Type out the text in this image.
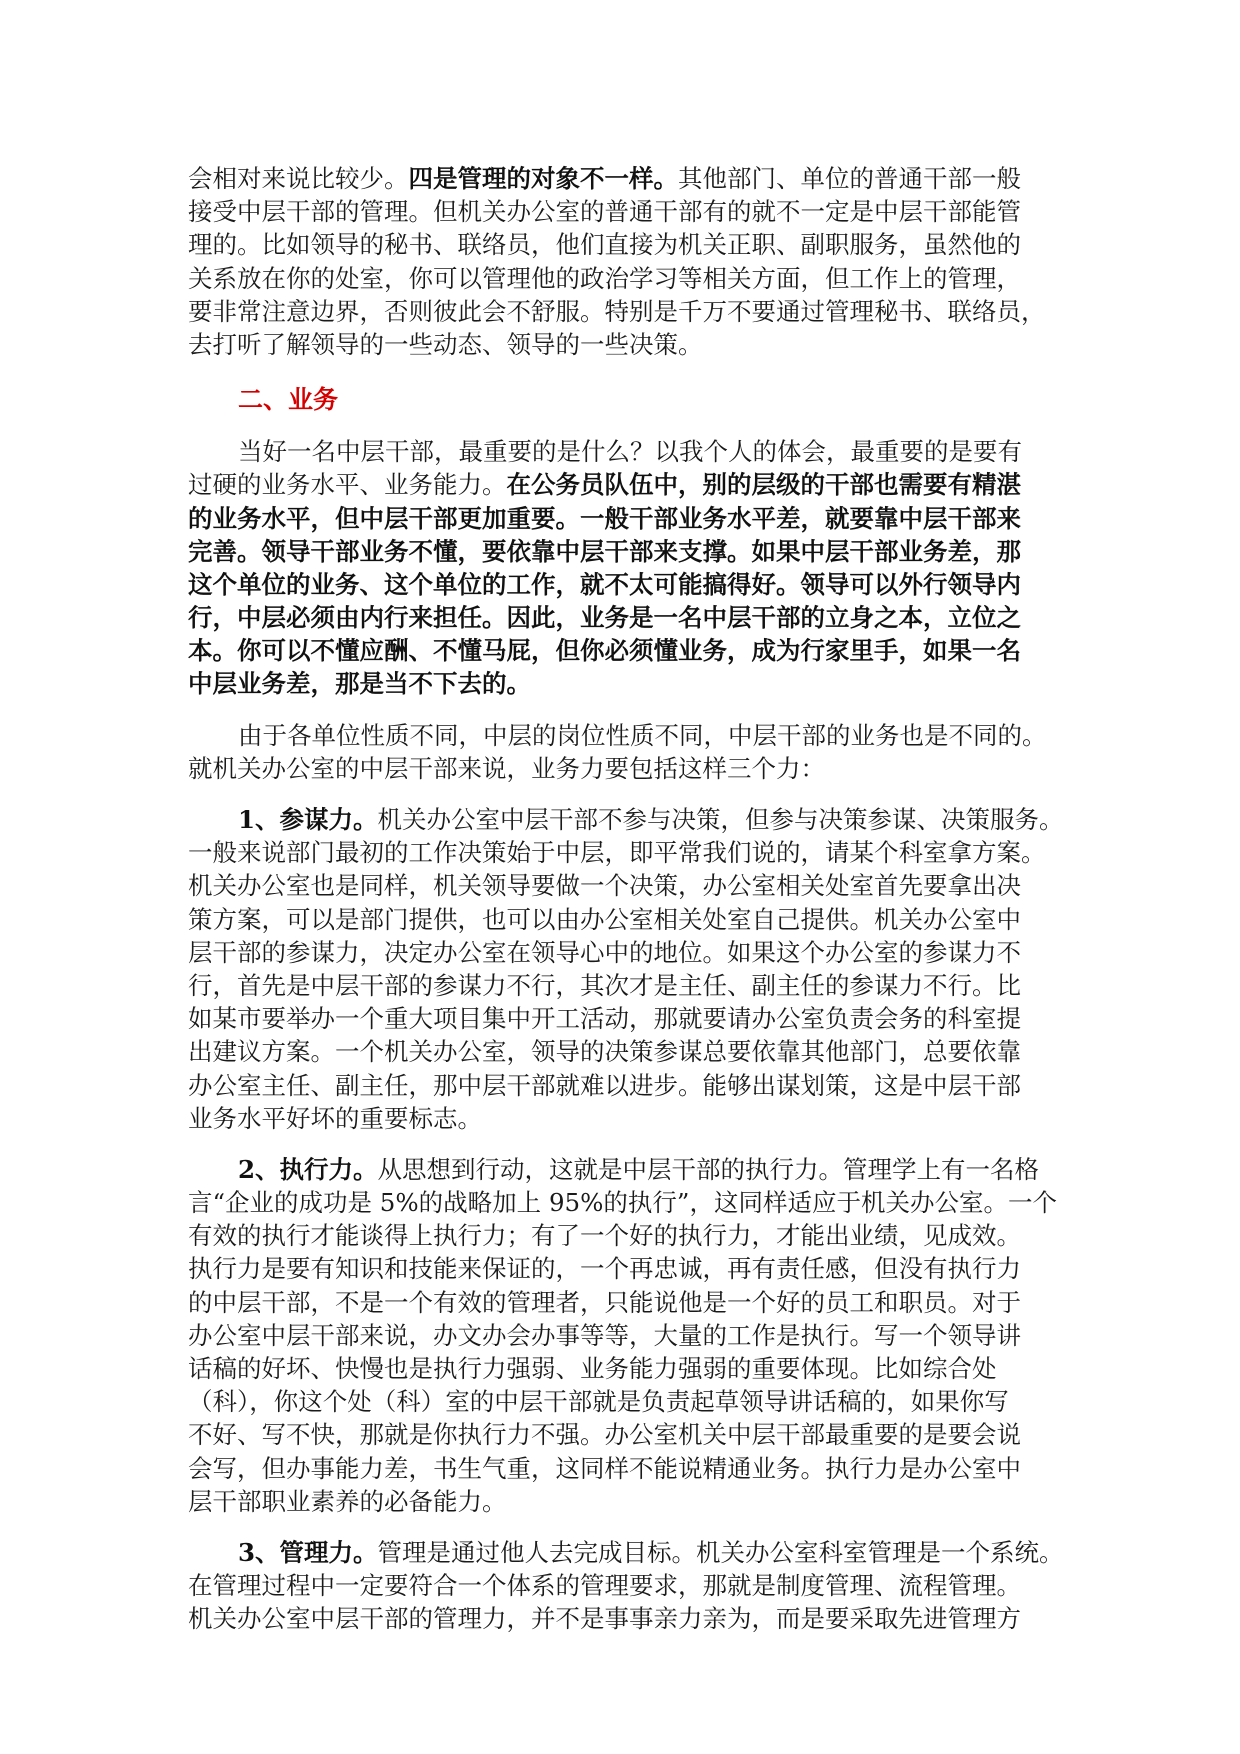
会相对来说比较少。四是管理的对象不一样。其他部门、单位的普通干部一般
接受中层干部的管理。但机关办公室的普通干部有的就不一定是中层干部能管
理的。比如领导的秘书、联络员，他们直接为机关正职、副职服务，虽然他的
关系放在你的处室，你可以管理他的政治学习等相关方面，但工作上的管理，
要非常注意边界，否则彼此会不舒服。特别是千万不要通过管理秘书、联络员，
去打听了解领导的一些动态、领导的一些决策。

二、业务

当好一名中层干部，最重要的是什么？以我个人的体会，最重要的是要有
过硬的业务水平、业务能力。在公务员队伍中，别的层级的干部也需要有精湛
的业务水平，但中层干部更加重要。一般干部业务水平差，就要靠中层干部来
完善。领导干部业务不懂，要依靠中层干部来支撑。如果中层干部业务差，那
这个单位的业务、这个单位的工作，就不太可能搞得好。领导可以外行领导内
行，中层必须由内行来担任。因此，业务是一名中层干部的立身之本，立位之
本。你可以不懂应酬、不懂马屁，但你必须懂业务，成为行家里手，如果一名
中层业务差，那是当不下去的。

由于各单位性质不同，中层的岗位性质不同，中层干部的业务也是不同的。
就机关办公室的中层干部来说，业务力要包括这样三个力：

1、参谋力。机关办公室中层干部不参与决策，但参与决策参谋、决策服务。
一般来说部门最初的工作决策始于中层，即平常我们说的，请某个科室拿方案。
机关办公室也是同样，机关领导要做一个决策，办公室相关处室首先要拿出决
策方案，可以是部门提供，也可以由办公室相关处室自己提供。机关办公室中
层干部的参谋力，决定办公室在领导心中的地位。如果这个办公室的参谋力不
行，首先是中层干部的参谋力不行，其次才是主任、副主任的参谋力不行。比
如某市要举办一个重大项目集中开工活动，那就要请办公室负责会务的科室提
出建议方案。一个机关办公室，领导的决策参谋总要依靠其他部门，总要依靠
办公室主任、副主任，那中层干部就难以进步。能够出谋划策，这是中层干部
业务水平好坏的重要标志。

2、执行力。从思想到行动，这就是中层干部的执行力。管理学上有一名格
言“企业的成功是 5%的战略加上 95%的执行”，这同样适应于机关办公室。一个
有效的执行才能谈得上执行力；有了一个好的执行力，才能出业绩，见成效。
执行力是要有知识和技能来保证的，一个再忠诚，再有责任感，但没有执行力
的中层干部，不是一个有效的管理者，只能说他是一个好的员工和职员。对于
办公室中层干部来说，办文办会办事等等，大量的工作是执行。写一个领导讲
话稿的好坏、快慢也是执行力强弱、业务能力强弱的重要体现。比如综合处
（科），你这个处（科）室的中层干部就是负责起草领导讲话稿的，如果你写
不好、写不快，那就是你执行力不强。办公室机关中层干部最重要的是要会说
会写，但办事能力差，书生气重，这同样不能说精通业务。执行力是办公室中
层干部职业素养的必备能力。

3、管理力。管理是通过他人去完成目标。机关办公室科室管理是一个系统。
在管理过程中一定要符合一个体系的管理要求，那就是制度管理、流程管理。
机关办公室中层干部的管理力，并不是事事亲力亲为，而是要采取先进管理方
